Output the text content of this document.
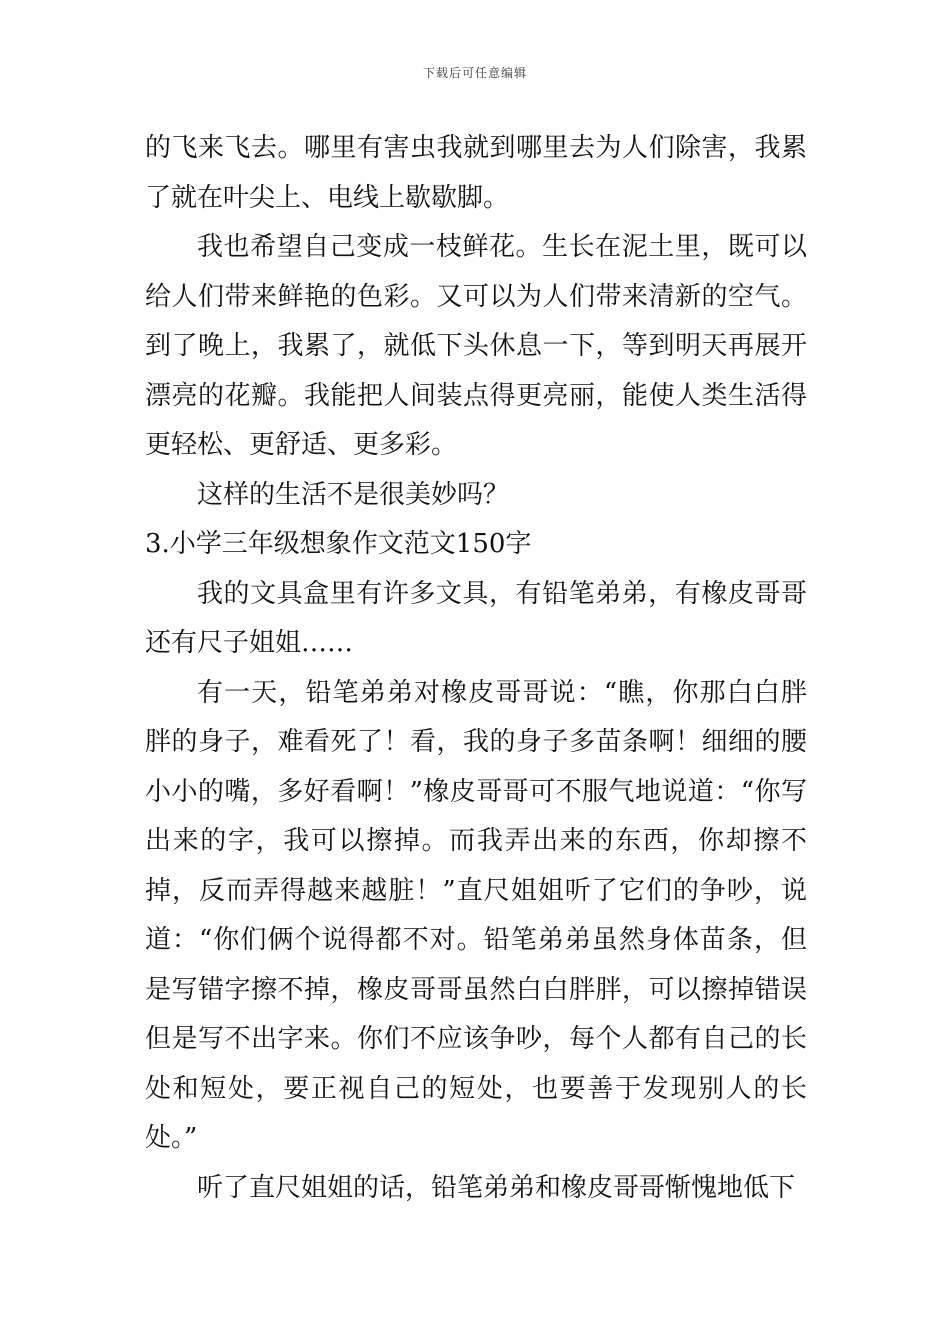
下载后可任意编辑

的飞来飞去。哪里有害虫我就到哪里去为人们除害，我累了就在叶尖上、电线上歇歇脚。

我也希望自己变成一枝鲜花。生长在泥土里，既可以给人们带来鲜艳的色彩。又可以为人们带来清新的空气。到了晚上，我累了，就低下头休息一下，等到明天再展开漂亮的花瓣。我能把人间装点得更亮丽，能使人类生活得更轻松、更舒适、更多彩。

这样的生活不是很美妙吗？

3.小学三年级想象作文范文150字

我的文具盒里有许多文具，有铅笔弟弟，有橡皮哥哥还有尺子姐姐……

有一天，铅笔弟弟对橡皮哥哥说：“瞧，你那白白胖胖的身子，难看死了！看，我的身子多苗条啊！细细的腰小小的嘴，多好看啊！”橡皮哥哥可不服气地说道：“你写出来的字，我可以擦掉。而我弄出来的东西，你却擦不掉，反而弄得越来越脏！”直尺姐姐听了它们的争吵，说道：“你们俩个说得都不对。铅笔弟弟虽然身体苗条，但是写错字擦不掉，橡皮哥哥虽然白白胖胖，可以擦掉错误但是写不出字来。你们不应该争吵，每个人都有自己的长处和短处，要正视自己的短处，也要善于发现别人的长处。”

听了直尺姐姐的话，铅笔弟弟和橡皮哥哥惭愧地低下
